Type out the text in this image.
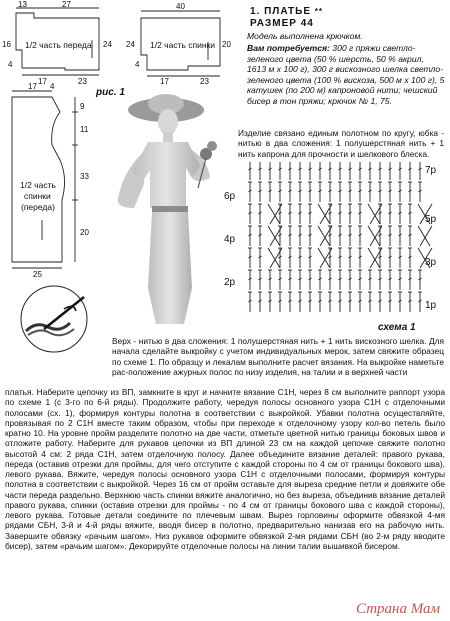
1/2 часть переда
27
13
16
4
17	23
24	1/2 часть спинки
40
24
4
17	23
20
1/2 часть
спинки
(переда)
17 4
9
11
33
20
25
рис. 1
1. ПЛАТЬЕ **
РАЗМЕР 44
Модель выполнена крючком.
Вам потребуется: 300 г пряжи светло-зеленого цвета (50 % шерсть, 50 % акрил, 1613 м х 100 г), 300 г вискозного шелка светло-зеленого цвета (100 % вискоза, 500 м х 100 г), 5 катушек (по 200 м) капроновой нити; чешский бисер в тон пряжи; крючок № 1, 75.
Изделие связано единым полотном по кругу, юбка - нитью в два сложения: 1 полушерстяная нить + 1 нить капрона для прочности и шелкового блеска.
7р
5р
3р
1р
6р
4р
2р
схема 1
Верх - нитью в два сложения: 1 полушерстяная нить + 1 нить вискозного шелка. Для начала сделайте выкройку с учетом индивидуальных мерок, затем свяжите образец по схеме 1. По образцу и лекалам выполните расчет вязания. На выкройке наметьте рас-положение ажурных полос по низу изделия, на талии и в верхней части
платья. Наберите цепочку из ВП, замкните в круг и начните вязание С1Н, через 8 см выполните раппорт узора по схеме 1 (с 3-го по 6-й ряды). Продолжите работу, чередуя полосы основного узора С1Н с отделочными полосами (сх. 1), формируя контуры полотна в соответствии с выкройкой. Убавки полотна осуществляйте, провязывая по 2 С1Н вместе таким образом, чтобы при переходе к отделочному узору кол-во петель было кратно 10. На уровне пройм разделите полотно на две части, отметьте цветной нитью границы боковых швов и отложите работу. Наберите для рукавов цепочки из ВП длиной 23 см на каждой цепочке свяжите полотно высотой 4 см: 2 ряда С1Н, затем отделочную полосу. Далее объедините вязание деталей: правого рукава, переда (оставив отрезки для проймы, для чего отступите с каждой стороны по 4 см от границы бокового шва), левого рукава. Вяжите, чередуя полосы основного узора С1Н с отделочными полосами, формируя контуры полотна в соответствии с выкройкой. Через 16 см от пройм оставьте для выреза средние петли и довяжите обе части переда раздельно. Верхнюю часть спинки вяжите аналогично, но без выреза, объединив вязание деталей правого рукава, спинки (оставив отрезки для проймы - по 4 см от границы бокового шва с каждой стороны), левого рукава. Готовые детали соедините по плечевым швам. Вырез горловины оформите обвязкой 4-мя рядами СБН, 3-й и 4-й ряды вяжите, вводя бисер в полотно, предварительно нанизав его на рабочую нить. Завершите обвязку «рачьим шагом». Низ рукавов оформите обвязкой 2-мя рядами СБН (во 2-м ряду вводите бисер), затем «рачьим шагом». Декорируйте отделочные полосы на линии талии вышивкой бисером.
Страна Мам
